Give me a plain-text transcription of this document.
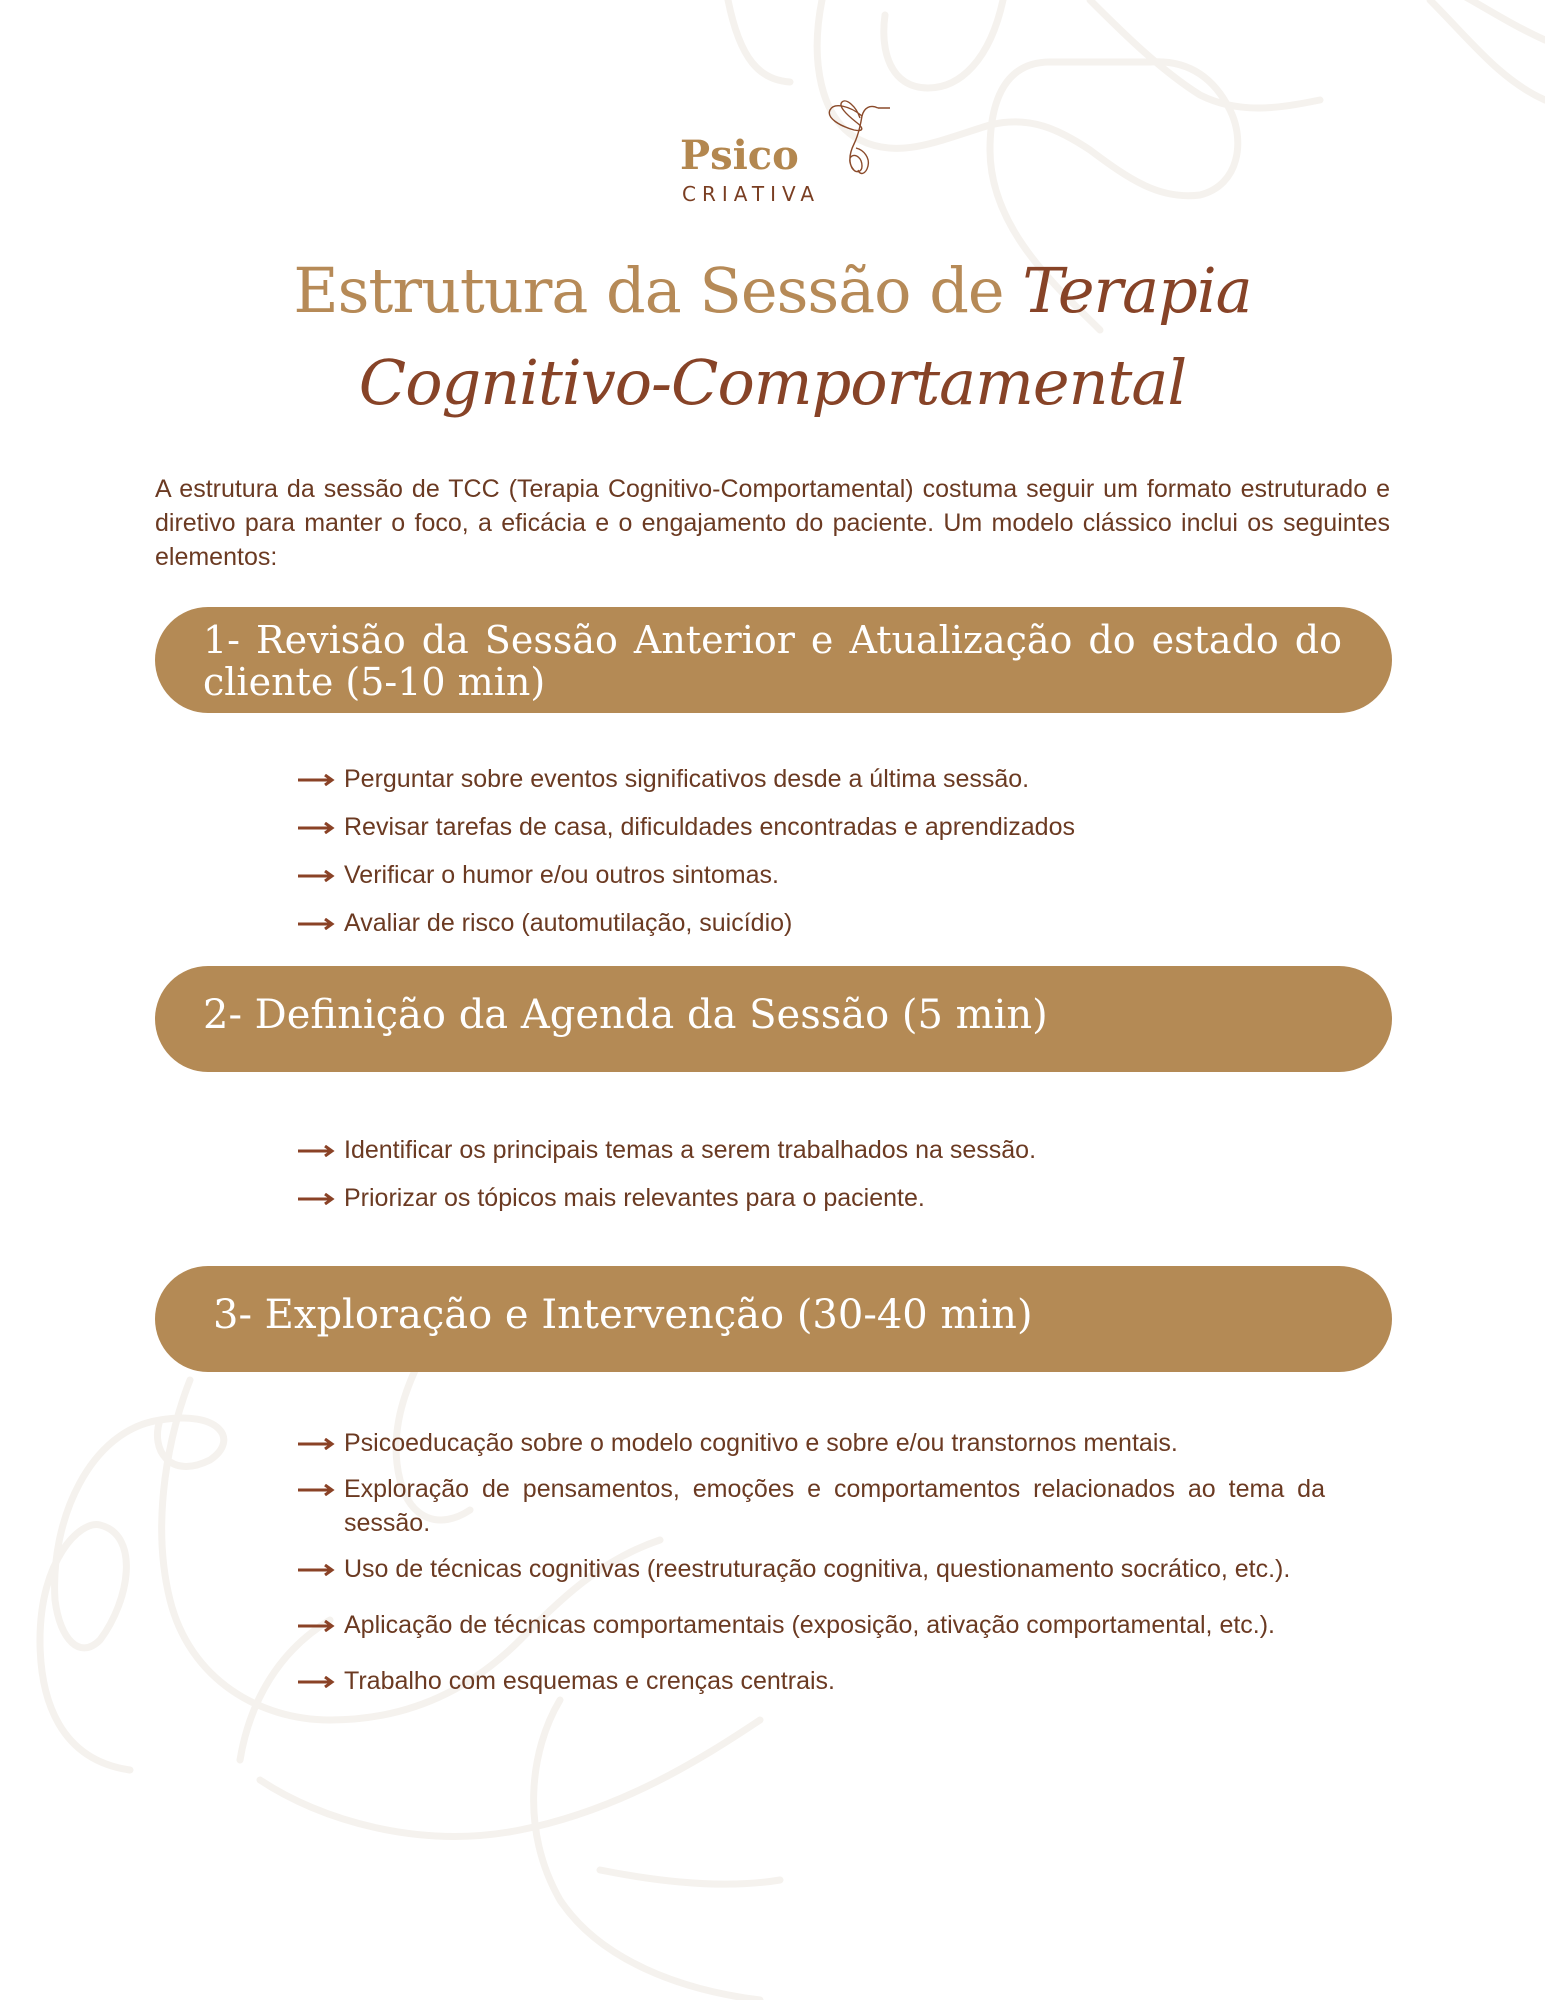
Psico
CRIATIVA
Estrutura da Sessão de Terapia
Cognitivo-Comportamental

A estrutura da sessão de TCC (Terapia Cognitivo-Comportamental) costuma seguir um formato estruturado e diretivo para manter o foco, a eficácia e o engajamento do paciente. Um modelo clássico inclui os seguintes elementos:

1- Revisão da Sessão Anterior e Atualização do estado do cliente (5-10 min)
Perguntar sobre eventos significativos desde a última sessão.
Revisar tarefas de casa, dificuldades encontradas e aprendizados
Verificar o humor e/ou outros sintomas.
Avaliar de risco (automutilação, suicídio)
2- Definição da Agenda da Sessão (5 min)
Identificar os principais temas a serem trabalhados na sessão.
Priorizar os tópicos mais relevantes para o paciente.
3- Exploração e Intervenção (30-40 min)
Psicoeducação sobre o modelo cognitivo e sobre e/ou transtornos mentais.
Exploração de pensamentos, emoções e comportamentos relacionados ao tema da sessão.
Uso de técnicas cognitivas (reestruturação cognitiva, questionamento socrático, etc.).
Aplicação de técnicas comportamentais (exposição, ativação comportamental, etc.).
Trabalho com esquemas e crenças centrais.
